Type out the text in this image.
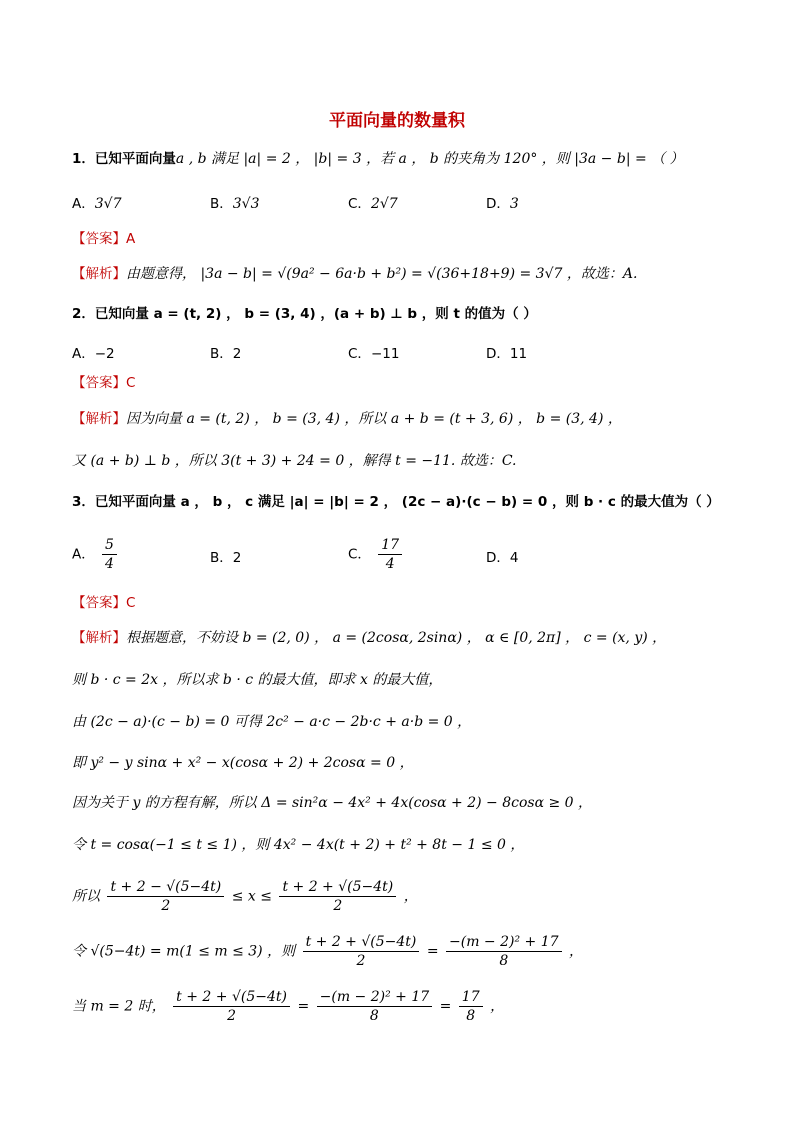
平面向量的数量积
1．已知平面向量a , b 满足 |a| = 2 ， |b| = 3 ，若 a ， b 的夹角为 120° ，则 |3a − b| = （ ）
A．3√7	B．3√3	C．2√7	D．3
【答案】A
【解析】由题意得， |3a − b| = √(9a² − 6a·b + b²) = √(36+18+9) = 3√7 ，故选：A.
2．已知向量 a = (t, 2) ， b = (3, 4) ，(a + b) ⊥ b ，则 t 的值为（ ）
A．−2	B．2	C．−11	D．11
【答案】C
【解析】因为向量 a = (t, 2) ， b = (3, 4) ，所以 a + b = (t + 3, 6) ， b = (3, 4) ，
又 (a + b) ⊥ b ，所以 3(t + 3) + 24 = 0 ，解得 t = −11. 故选：C.
3．已知平面向量 a ， b ， c 满足 |a| = |b| = 2 ， (2c − a)·(c − b) = 0 ，则 b · c 的最大值为（ ）
A． $\frac{5}{4}$	B．2	C． $\frac{17}{4}$	D．4
【答案】C
【解析】根据题意，不妨设 b = (2, 0) ， a = (2cosα, 2sinα) ， α ∈ [0, 2π] ， c = (x, y) ，
则 b · c = 2x ，所以求 b · c 的最大值，即求 x 的最大值，
由 (2c − a)·(c − b) = 0 可得 2c² − a·c − 2b·c + a·b = 0 ，
即 y² − y sinα + x² − x(cosα + 2) + 2cosα = 0 ，
因为关于 y 的方程有解，所以 Δ = sin²α − 4x² + 4x(cosα + 2) − 8cosα ≥ 0 ，
令 t = cosα(−1 ≤ t ≤ 1) ，则 4x² − 4x(t + 2) + t² + 8t − 1 ≤ 0 ，
所以 $\frac{t + 2 - √(5-4t)}{2} \le x \le \frac{t + 2 + √(5-4t)}{2}$ ，
令 √(5−4t) = m(1 ≤ m ≤ 3) ，则 $\frac{t + 2 + √(5-4t)}{2} = \frac{\text{−(m − 2)² + 17}}{8}$ ，
当 m = 2 时， $\frac{t + 2 + √(5-4t)}{2} = \frac{\text{−(m − 2)² + 17}}{8} = \frac{17}{8}$ ，
